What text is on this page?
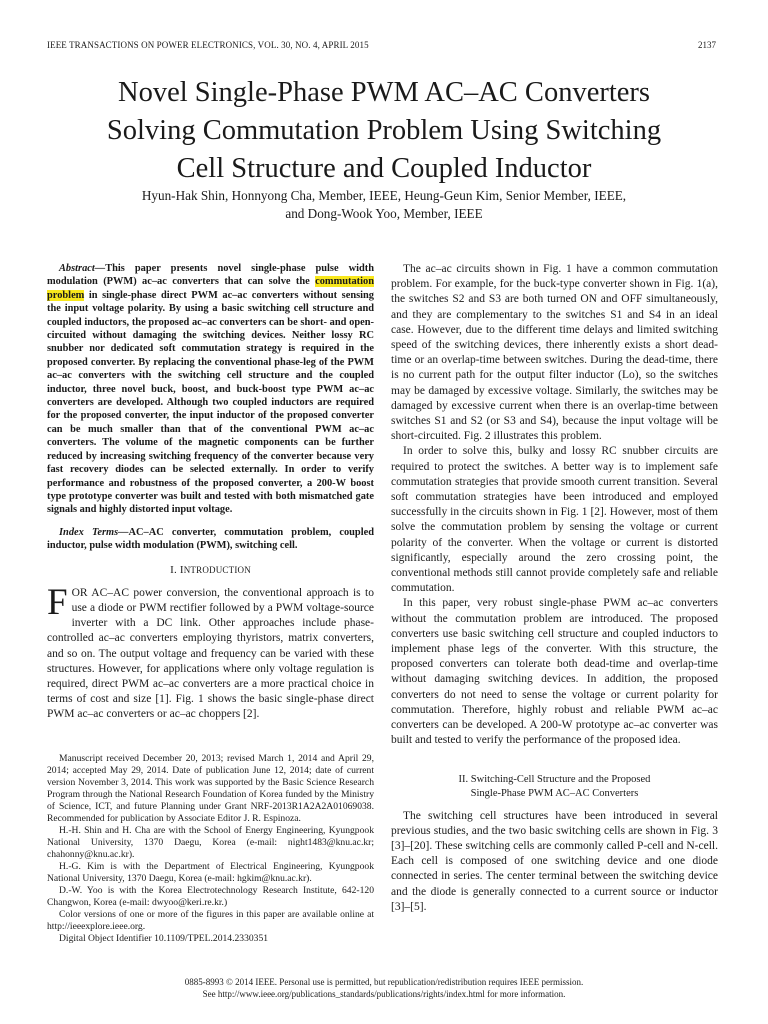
IEEE TRANSACTIONS ON POWER ELECTRONICS, VOL. 30, NO. 4, APRIL 2015	2137
Novel Single-Phase PWM AC–AC Converters
Solving Commutation Problem Using Switching
Cell Structure and Coupled Inductor
Hyun-Hak Shin, Honnyong Cha, Member, IEEE, Heung-Geun Kim, Senior Member, IEEE,
and Dong-Wook Yoo, Member, IEEE

Abstract—This paper presents novel single-phase pulse width modulation (PWM) ac–ac converters that can solve the commutation problem in single-phase direct PWM ac–ac converters without sensing the input voltage polarity. By using a basic switching cell structure and coupled inductors, the proposed ac–ac converters can be short- and open-circuited without damaging the switching devices. Neither lossy RC snubber nor dedicated soft commutation strategy is required in the proposed converter. By replacing the conventional phase-leg of the PWM ac–ac converters with the switching cell structure and the coupled inductor, three novel buck, boost, and buck-boost type PWM ac–ac converters are developed. Although two coupled inductors are required for the proposed converter, the input inductor of the proposed converter can be much smaller than that of the conventional PWM ac–ac converters. The volume of the magnetic components can be further reduced by increasing switching frequency of the converter because very fast recovery diodes can be selected externally. In order to verify performance and robustness of the proposed converter, a 200-W boost type prototype converter was built and tested with both mismatched gate signals and highly distorted input voltage.

Index Terms—AC–AC converter, commutation problem, coupled inductor, pulse width modulation (PWM), switching cell.

I. INTRODUCTION

FOR AC–AC power conversion, the conventional approach is to use a diode or PWM rectifier followed by a PWM voltage-source inverter with a DC link. Other approaches include phase-controlled ac–ac converters employing thyristors, matrix converters, and so on. The output voltage and frequency can be varied with these structures. However, for applications where only voltage regulation is required, direct PWM ac–ac converters are a more practical choice in terms of cost and size [1]. Fig. 1 shows the basic single-phase direct PWM ac–ac converters or ac–ac choppers [2].

Manuscript received December 20, 2013; revised March 1, 2014 and April 29, 2014; accepted May 29, 2014. Date of publication June 12, 2014; date of current version November 3, 2014. This work was supported by the Basic Science Research Program through the National Research Foundation of Korea funded by the Ministry of Science, ICT, and future Planning under Grant NRF-2013R1A2A2A01069038. Recommended for publication by Associate Editor J. R. Espinoza.

H.-H. Shin and H. Cha are with the School of Energy Engineering, Kyungpook National University, 1370 Daegu, Korea (e-mail: night1483@knu.ac.kr; chahonny@knu.ac.kr).

H.-G. Kim is with the Department of Electrical Engineering, Kyungpook National University, 1370 Daegu, Korea (e-mail: hgkim@knu.ac.kr).

D.-W. Yoo is with the Korea Electrotechnology Research Institute, 642-120 Changwon, Korea (e-mail: dwyoo@keri.re.kr.)

Color versions of one or more of the figures in this paper are available online at http://ieeexplore.ieee.org.

Digital Object Identifier 10.1109/TPEL.2014.2330351

The ac–ac circuits shown in Fig. 1 have a common commutation problem. For example, for the buck-type converter shown in Fig. 1(a), the switches S2 and S3 are both turned ON and OFF simultaneously, and they are complementary to the switches S1 and S4 in an ideal case. However, due to the different time delays and limited switching speed of the switching devices, there inherently exists a short dead-time or an overlap-time between switches. During the dead-time, there is no current path for the output filter inductor (Lo), so the switches may be damaged by excessive voltage. Similarly, the switches may be damaged by excessive current when there is an overlap-time between switches S1 and S2 (or S3 and S4), because the input voltage will be short-circuited. Fig. 2 illustrates this problem.

In order to solve this, bulky and lossy RC snubber circuits are required to protect the switches. A better way is to implement safe commutation strategies that provide smooth current transition. Several soft commutation strategies have been introduced and employed successfully in the circuits shown in Fig. 1 [2]. However, most of them solve the commutation problem by sensing the voltage or current polarity of the converter. When the voltage or current is distorted significantly, especially around the zero crossing point, the conventional methods still cannot provide completely safe and reliable commutation.

In this paper, very robust single-phase PWM ac–ac converters without the commutation problem are introduced. The proposed converters use basic switching cell structure and coupled inductors to implement phase legs of the converter. With this structure, the proposed converters can tolerate both dead-time and overlap-time without damaging switching devices. In addition, the proposed converters do not need to sense the voltage or current polarity for commutation. Therefore, highly robust and reliable PWM ac–ac converters can be developed. A 200-W prototype ac–ac converter was built and tested to verify the performance of the proposed idea.

II. Switching-Cell Structure and the Proposed
Single-Phase PWM AC–AC Converters

The switching cell structures have been introduced in several previous studies, and the two basic switching cells are shown in Fig. 3 [3]–[20]. These switching cells are commonly called P-cell and N-cell. Each cell is composed of one switching device and one diode connected in series. The center terminal between the switching device and the diode is generally connected to a current source or inductor [3]–[5].

0885-8993 © 2014 IEEE. Personal use is permitted, but republication/redistribution requires IEEE permission.
See http://www.ieee.org/publications_standards/publications/rights/index.html for more information.
